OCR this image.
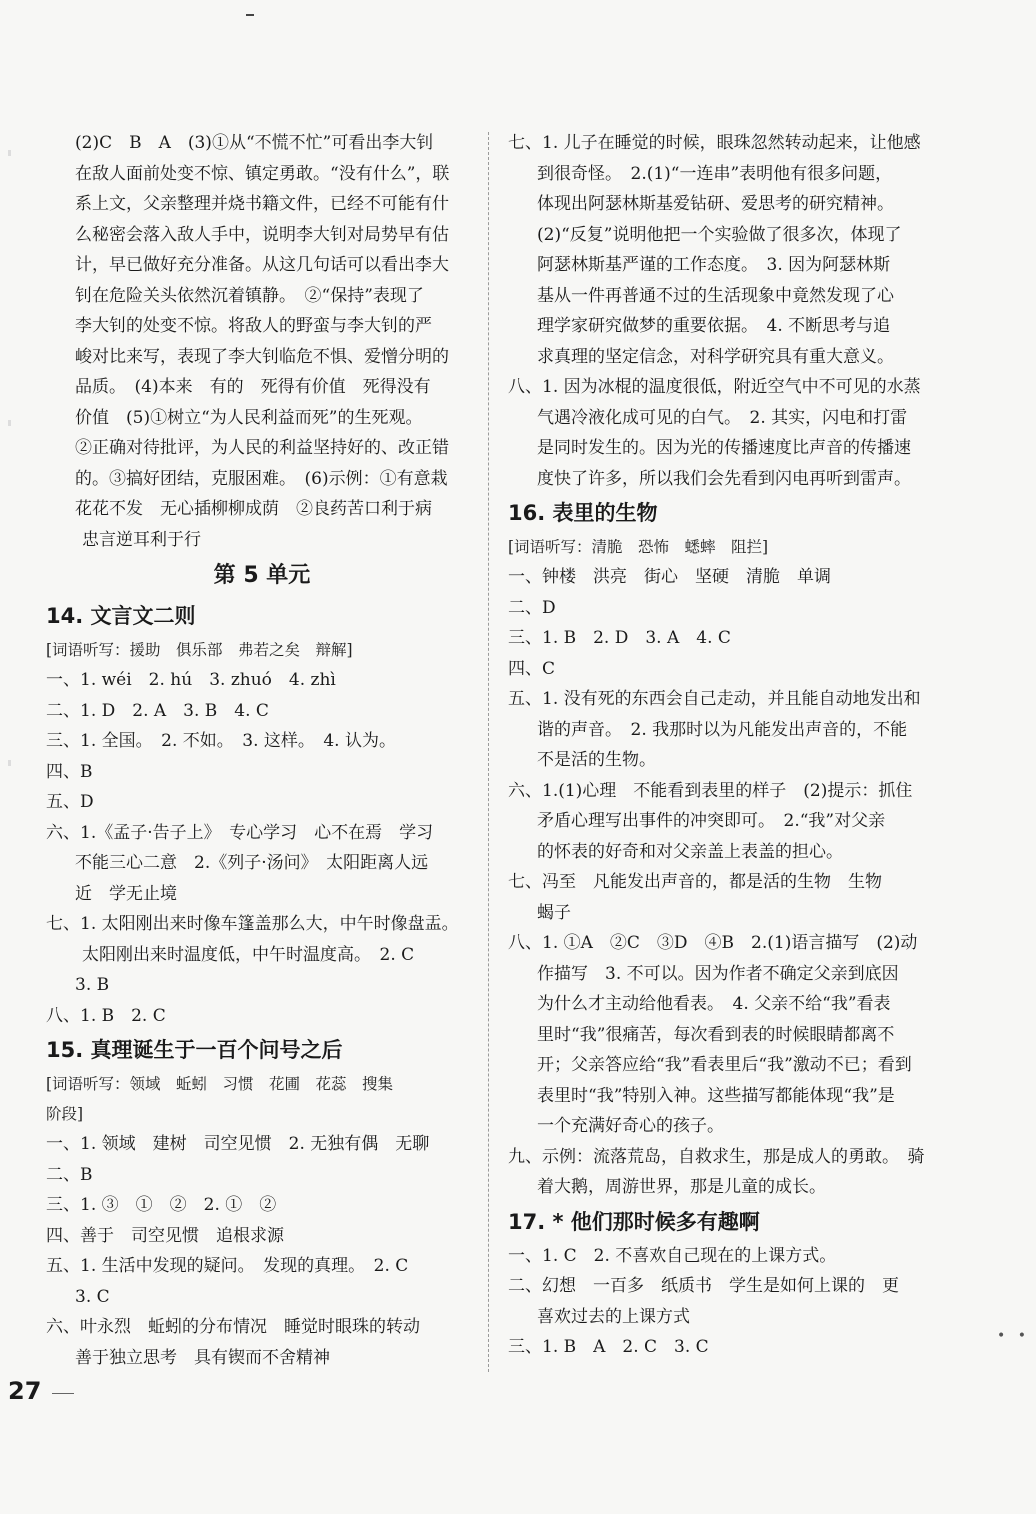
(2)C　B　A　(3)①从“不慌不忙”可看出李大钊
在敌人面前处变不惊、镇定勇敢。“没有什么”，联
系上文，父亲整理并烧书籍文件，已经不可能有什
么秘密会落入敌人手中，说明李大钊对局势早有估
计，早已做好充分准备。从这几句话可以看出李大
钊在危险关头依然沉着镇静。　②“保持”表现了
李大钊的处变不惊。将敌人的野蛮与李大钊的严
峻对比来写，表现了李大钊临危不惧、爱憎分明的
品质。　(4)本来　有的　死得有价值　死得没有
价值　(5)①树立“为人民利益而死”的生死观。
②正确对待批评，为人民的利益坚持好的、改正错
的。③搞好团结，克服困难。　(6)示例：①有意栽
花花不发　无心插柳柳成荫　②良药苦口利于病
忠言逆耳利于行
第 5 单元
14. 文言文二则
[词语听写：援助　俱乐部　弗若之矣　辩解]
一、1. wéi　2. hú　3. zhuó　4. zhì
二、1. D　2. A　3. B　4. C
三、1. 全国。　2. 不如。　3. 这样。　4. 认为。
四、B
五、D
六、1.《孟子·告子上》　专心学习　心不在焉　学习
不能三心二意　2.《列子·汤问》　太阳距离人远
近　学无止境
七、1. 太阳刚出来时像车篷盖那么大，中午时像盘盂。
太阳刚出来时温度低，中午时温度高。　2. C
3. B
八、1. B　2. C
15. 真理诞生于一百个问号之后
[词语听写：领域　蚯蚓　习惯　花圃　花蕊　搜集
阶段]
一、1. 领域　建树　司空见惯　2. 无独有偶　无聊
二、B
三、1. ③　①　②　2. ①　②
四、善于　司空见惯　追根求源
五、1. 生活中发现的疑问。　发现的真理。　2. C
3. C
六、叶永烈　蚯蚓的分布情况　睡觉时眼珠的转动
善于独立思考　具有锲而不舍精神
七、1. 儿子在睡觉的时候，眼珠忽然转动起来，让他感
到很奇怪。　2.(1)“一连串”表明他有很多问题，
体现出阿瑟林斯基爱钻研、爱思考的研究精神。
(2)“反复”说明他把一个实验做了很多次，体现了
阿瑟林斯基严谨的工作态度。　3. 因为阿瑟林斯
基从一件再普通不过的生活现象中竟然发现了心
理学家研究做梦的重要依据。　4. 不断思考与追
求真理的坚定信念，对科学研究具有重大意义。
八、1. 因为冰棍的温度很低，附近空气中不可见的水蒸
气遇冷液化成可见的白气。　2. 其实，闪电和打雷
是同时发生的。因为光的传播速度比声音的传播速
度快了许多，所以我们会先看到闪电再听到雷声。
16. 表里的生物
[词语听写：清脆　恐怖　蟋蟀　阻拦]
一、钟楼　洪亮　街心　坚硬　清脆　单调
二、D
三、1. B　2. D　3. A　4. C
四、C
五、1. 没有死的东西会自己走动，并且能自动地发出和
谐的声音。　2. 我那时以为凡能发出声音的，不能
不是活的生物。
六、1.(1)心理　不能看到表里的样子　(2)提示：抓住
矛盾心理写出事件的冲突即可。　2.“我”对父亲
的怀表的好奇和对父亲盖上表盖的担心。
七、冯至　凡能发出声音的，都是活的生物　生物
蝎子
八、1. ①A　②C　③D　④B　2.(1)语言描写　(2)动
作描写　3. 不可以。因为作者不确定父亲到底因
为什么才主动给他看表。　4. 父亲不给“我”看表
里时“我”很痛苦，每次看到表的时候眼睛都离不
开；父亲答应给“我”看表里后“我”激动不已；看到
表里时“我”特别入神。这些描写都能体现“我”是
一个充满好奇心的孩子。
九、示例：流落荒岛，自救求生，那是成人的勇敢。　骑
着大鹅，周游世界，那是儿童的成长。
17. * 他们那时候多有趣啊
一、1. C　2. 不喜欢自己现在的上课方式。
二、幻想　一百多　纸质书　学生是如何上课的　更
喜欢过去的上课方式
三、1. B　A　2. C　3. C
27
• •
